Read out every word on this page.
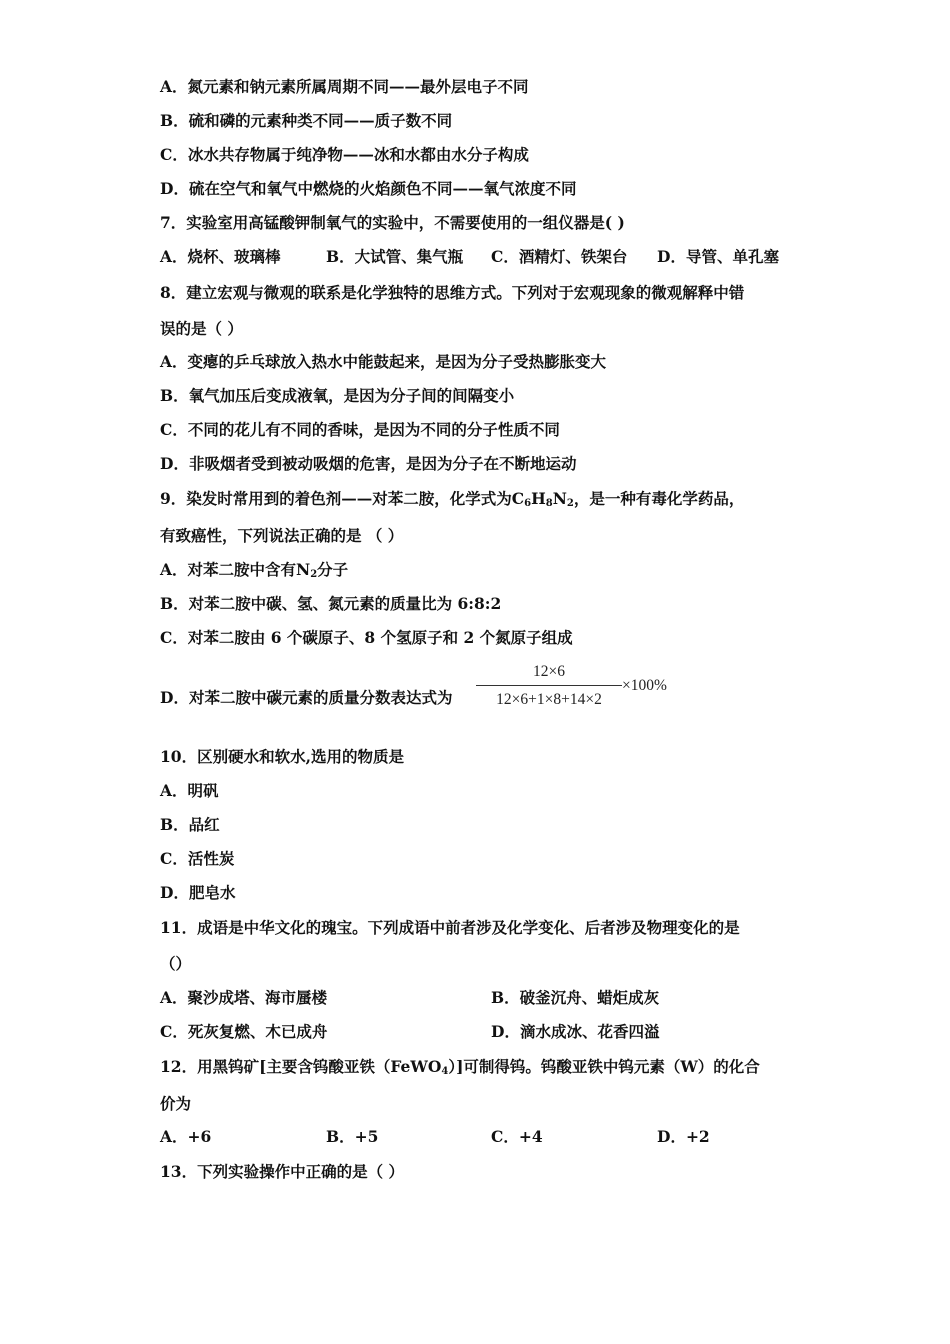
A．氮元素和钠元素所属周期不同——最外层电子不同
B．硫和磷的元素种类不同——质子数不同
C．冰水共存物属于纯净物——冰和水都由水分子构成
D．硫在空气和氧气中燃烧的火焰颜色不同——氧气浓度不同
7．实验室用高锰酸钾制氧气的实验中，不需要使用的一组仪器是( )
A．烧杯、玻璃棒	B．大试管、集气瓶 C．酒精灯、铁架台 D．导管、单孔塞
8．建立宏观与微观的联系是化学独特的思维方式。下列对于宏观现象的微观解释中错
误的是（ ）
A．变瘪的乒乓球放入热水中能鼓起来，是因为分子受热膨胀变大
B．氧气加压后变成液氧，是因为分子间的间隔变小
C．不同的花儿有不同的香味，是因为不同的分子性质不同
D．非吸烟者受到被动吸烟的危害，是因为分子在不断地运动
9．染发时常用到的着色剂——对苯二胺，化学式为$C_6H_8N_2$，是一种有毒化学药品，
有致癌性，下列说法正确的是 （ ）
A．对苯二胺中含有$N_2$分子
B．对苯二胺中碳、氢、氮元素的质量比为 6:8:2
C．对苯二胺由 6 个碳原子、8 个氢原子和 2 个氮原子组成
D．对苯二胺中碳元素的质量分数表达式为
12×6
12×6+1×8+14×2
×100%
10．区别硬水和软水,选用的物质是
A．明矾
B．品红
C．活性炭
D．肥皂水
11．成语是中华文化的瑰宝。下列成语中前者涉及化学变化、后者涉及物理变化的是
（）
A．聚沙成塔、海市蜃楼	B．破釜沉舟、蜡炬成灰
C．死灰复燃、木已成舟	D．滴水成冰、花香四溢
12．用黑钨矿[主要含钨酸亚铁（FeWO$_4$）]可制得钨。钨酸亚铁中钨元素（W）的化合
价为
A．+6	B．+5	C．+4	D．+2
13．下列实验操作中正确的是（ ）
